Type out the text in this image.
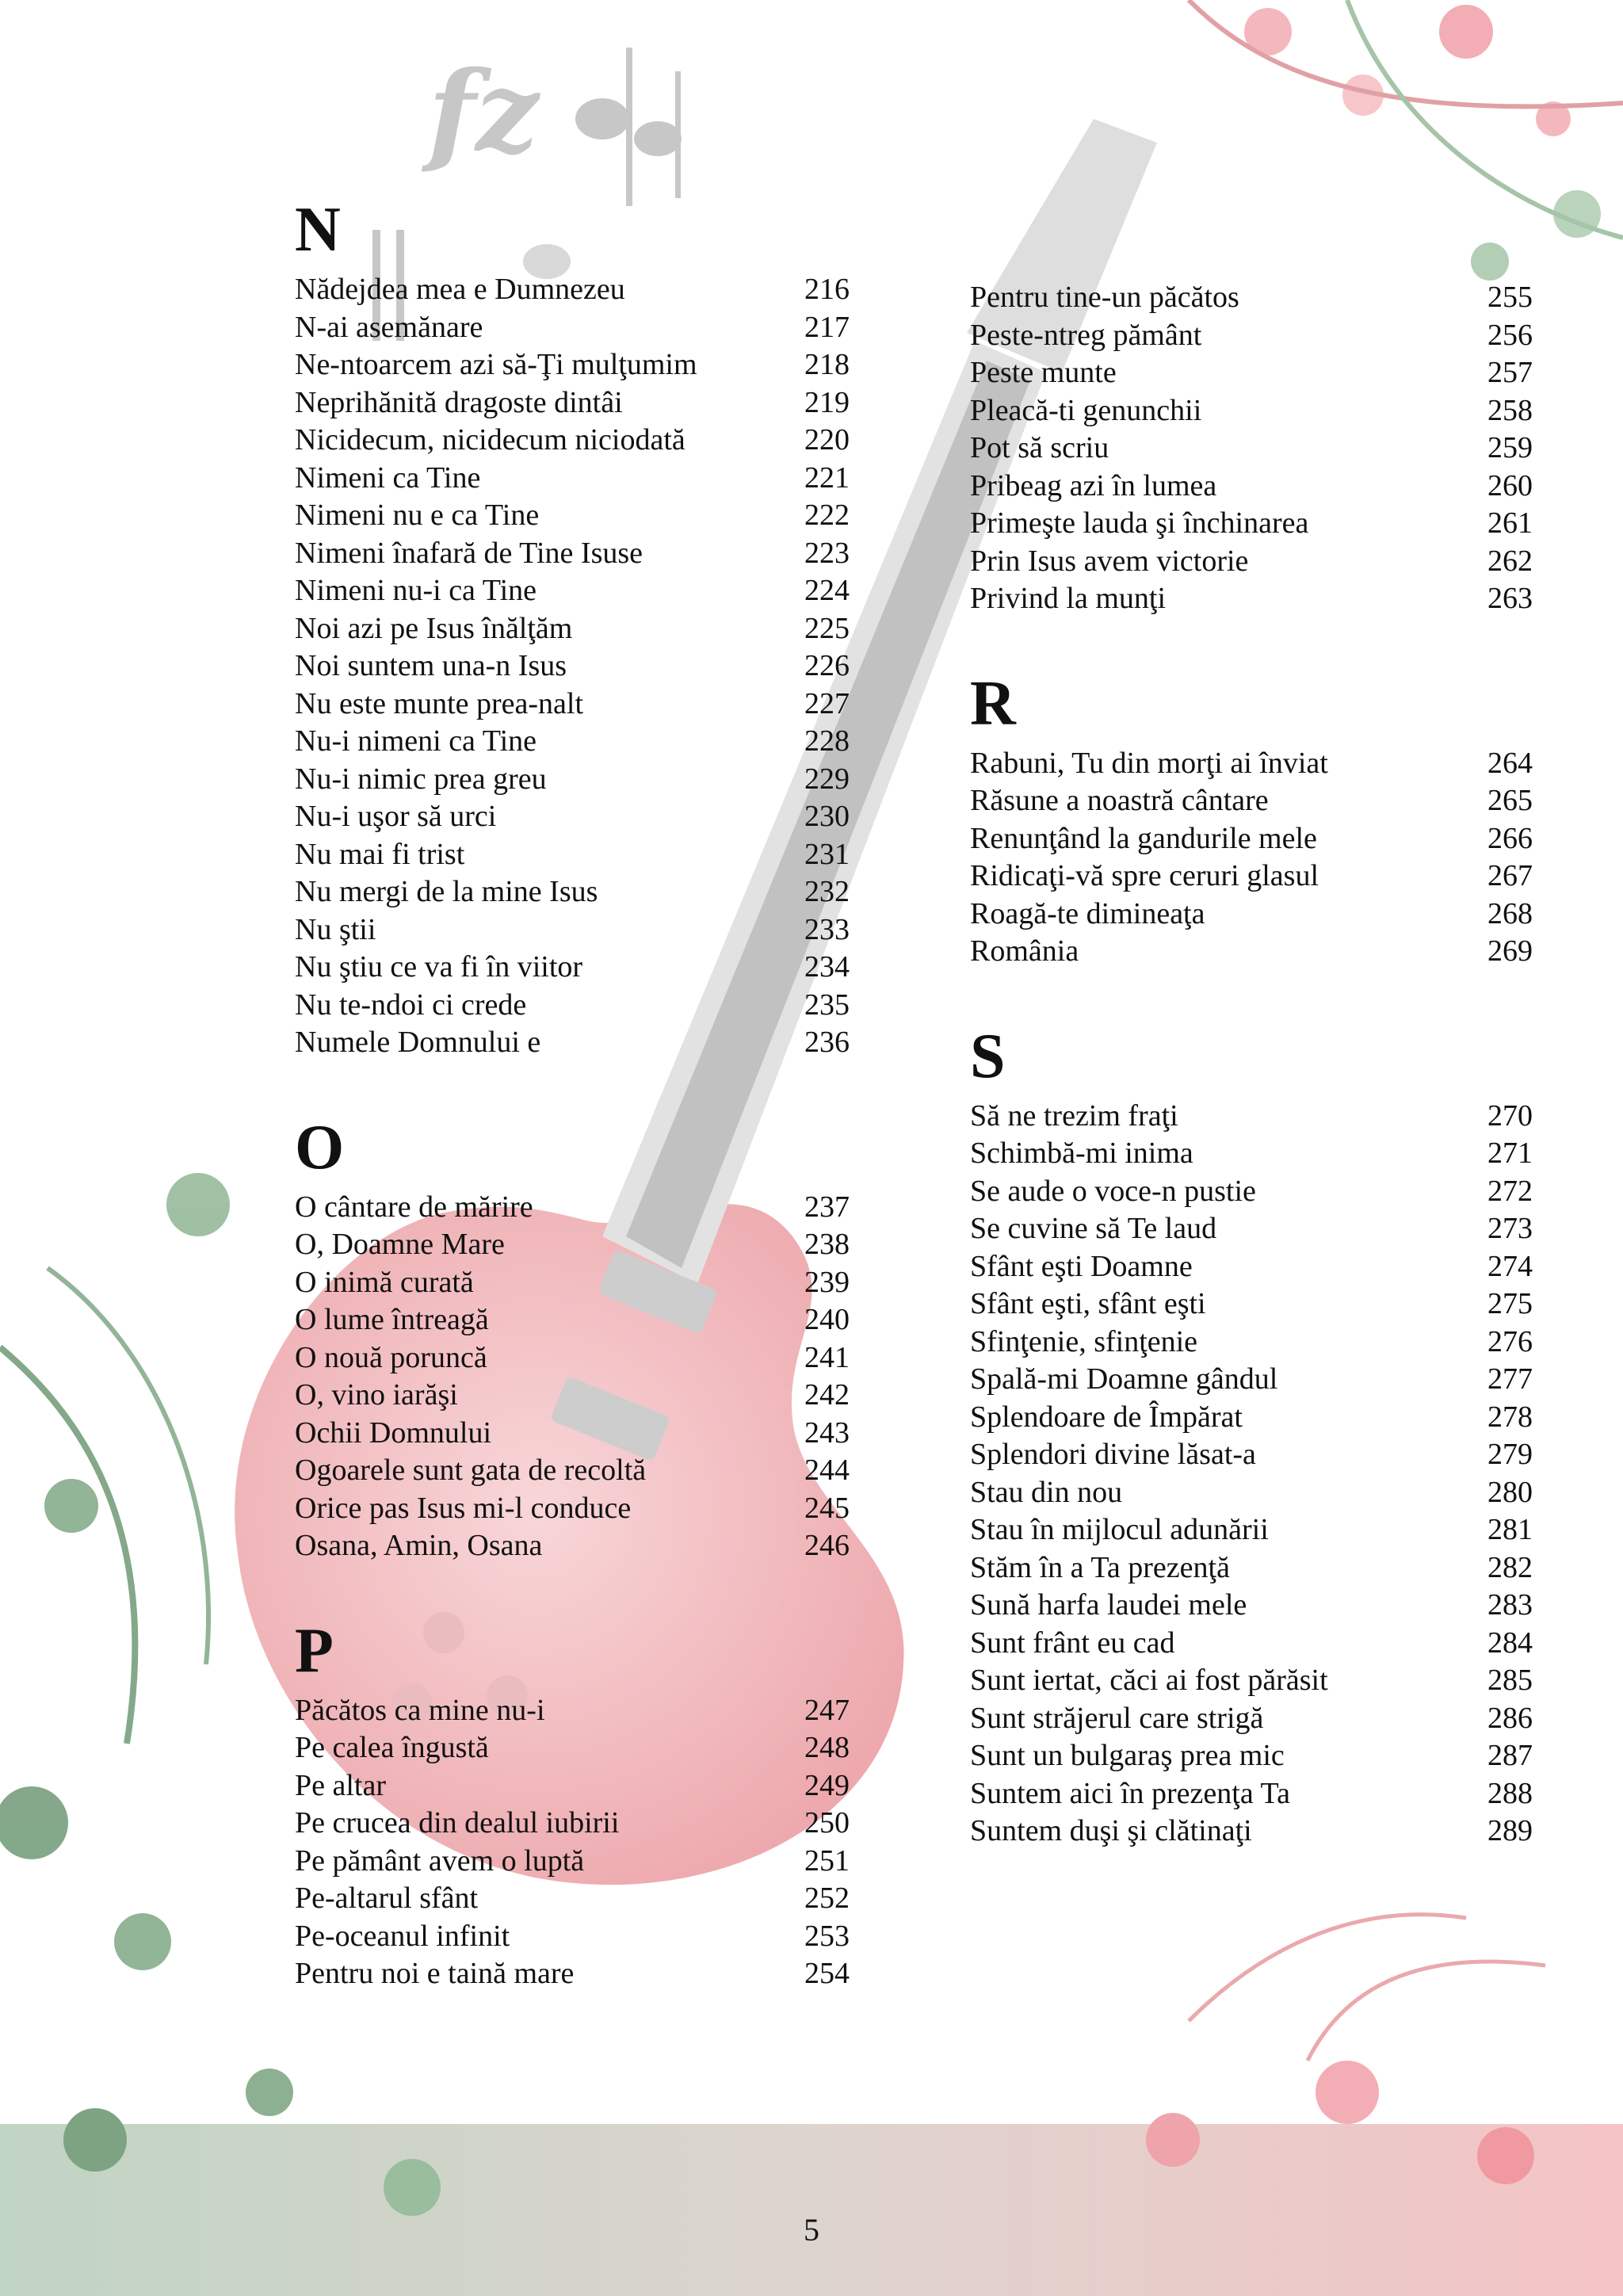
fz
N
Nădejdea mea e Dumnezeu	216
N-ai asemănare	217
Ne-ntoarcem azi să-Ţi mulţumim	218
Neprihănită dragoste dintâi	219
Nicidecum, nicidecum niciodată	220
Nimeni ca Tine	221
Nimeni nu e ca Tine	222
Nimeni înafară de Tine Isuse	223
Nimeni nu-i ca Tine	224
Noi azi pe Isus înălţăm	225
Noi suntem una-n Isus	226
Nu este munte prea-nalt	227
Nu-i nimeni ca Tine	228
Nu-i nimic prea greu	229
Nu-i uşor să urci	230
Nu mai fi trist	231
Nu mergi de la mine Isus	232
Nu ştii	233
Nu ştiu ce va fi în viitor	234
Nu te-ndoi ci crede	235
Numele Domnului e	236
O
O cântare de mărire	237
O, Doamne Mare	238
O inimă curată	239
O lume întreagă	240
O nouă poruncă	241
O, vino iarăşi	242
Ochii Domnului	243
Ogoarele sunt gata de recoltă	244
Orice pas Isus mi-l conduce	245
Osana, Amin, Osana	246
P
Păcătos ca mine nu-i	247
Pe calea îngustă	248
Pe altar	249
Pe crucea din dealul iubirii	250
Pe pământ avem o luptă	251
Pe-altarul sfânt	252
Pe-oceanul infinit	253
Pentru noi e taină mare	254
Pentru tine-un păcătos	255
Peste-ntreg pământ	256
Peste munte	257
Pleacă-ti genunchii	258
Pot să scriu	259
Pribeag azi în lumea	260
Primeşte lauda şi închinarea	261
Prin Isus avem victorie	262
Privind la munţi	263
R
Rabuni, Tu din morţi ai înviat	264
Răsune a noastră cântare	265
Renunţând la gandurile mele	266
Ridicaţi-vă spre ceruri glasul	267
Roagă-te dimineaţa	268
România	269
S
Să ne trezim fraţi	270
Schimbă-mi inima	271
Se aude o voce-n pustie	272
Se cuvine să Te laud	273
Sfânt eşti Doamne	274
Sfânt eşti, sfânt eşti	275
Sfinţenie, sfinţenie	276
Spală-mi Doamne gândul	277
Splendoare de Împărat	278
Splendori divine lăsat-a	279
Stau din nou	280
Stau în mijlocul adunării	281
Stăm în a Ta prezenţă	282
Sună harfa laudei mele	283
Sunt frânt eu cad	284
Sunt iertat, căci ai fost părăsit	285
Sunt străjerul care strigă	286
Sunt un bulgaraş prea mic	287
Suntem aici în prezenţa Ta	288
Suntem duşi şi clătinaţi	289
5
